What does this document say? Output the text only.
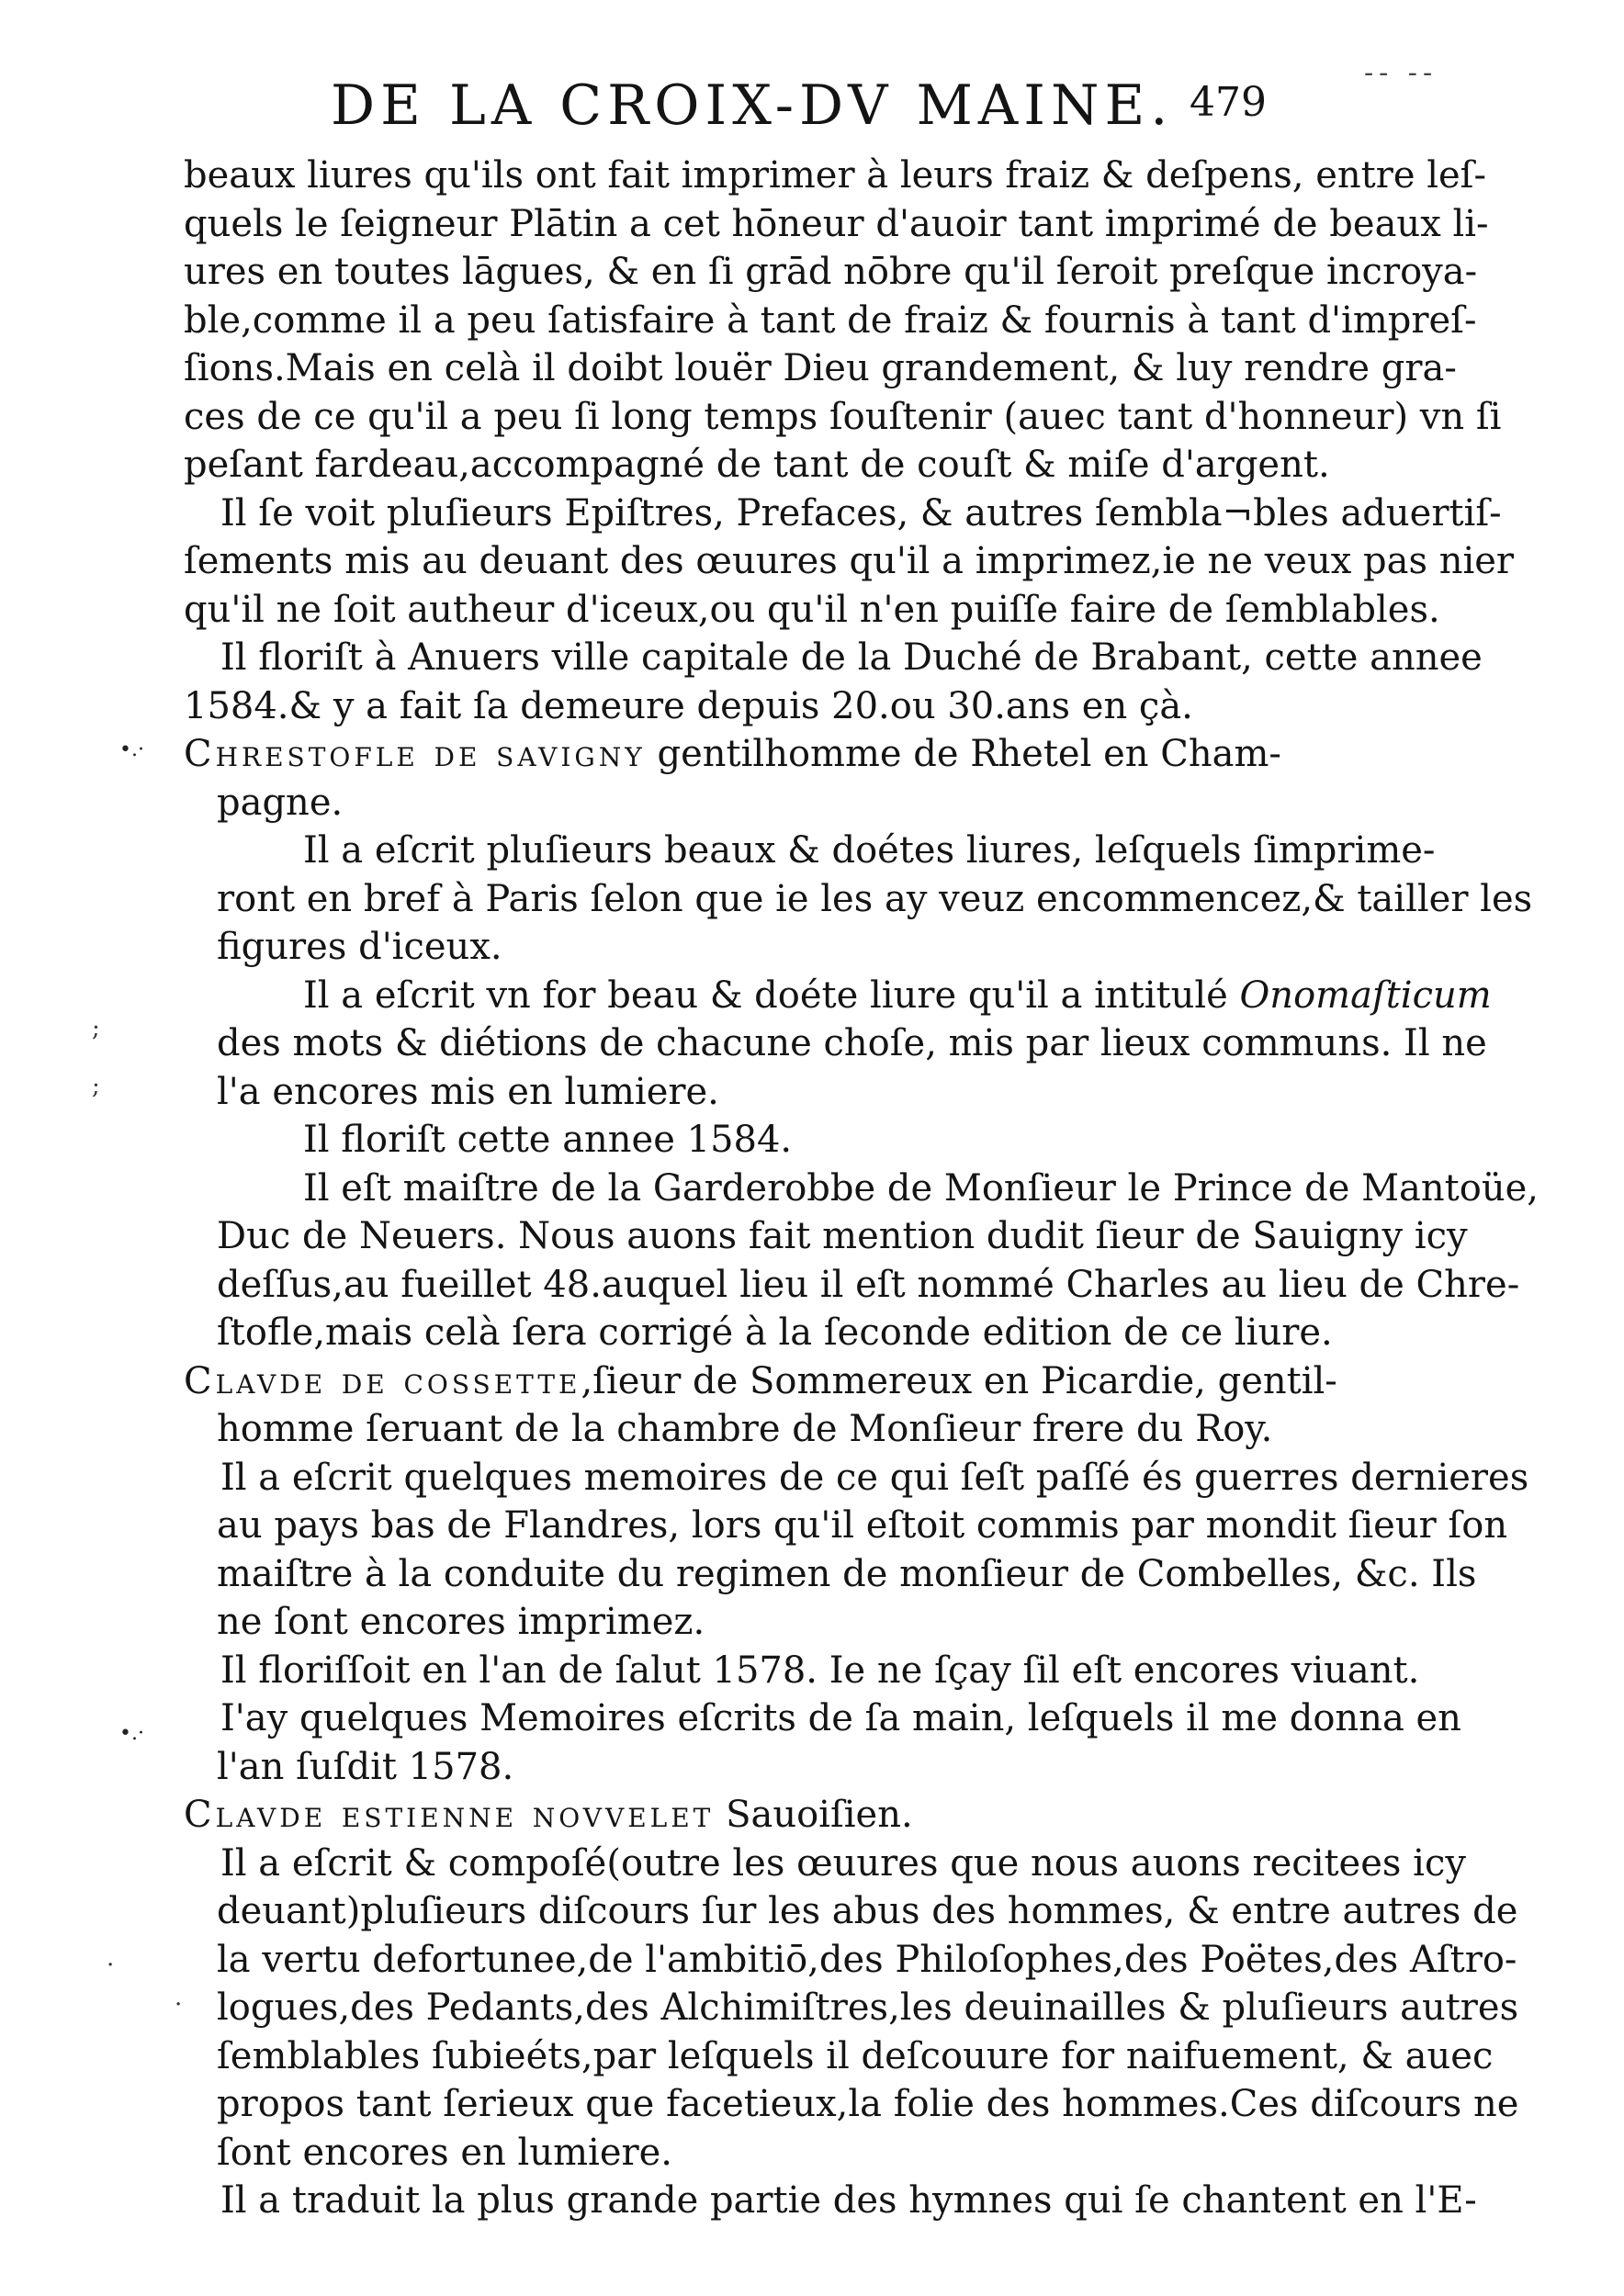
-- --
DE LA CROIX-DV MAINE. 479
•.·
•.·
;
;
·
·
beaux liures qu'ils ont fait imprimer à leurs fraiz & deſpens, entre leſ-
quels le ſeigneur Plātin a cet hōneur d'auoir tant imprimé de beaux li-
ures en toutes lāgues, & en ſi grād nōbre qu'il ſeroit preſque incroya-
ble,comme il a peu ſatisfaire à tant de fraiz & fournis à tant d'impreſ-
ſions.Mais en celà il doibt louër Dieu grandement, & luy rendre gra-
ces de ce qu'il a peu ſi long temps ſouſtenir (auec tant d'honneur) vn ſi
peſant fardeau,accompagné de tant de couſt & miſe d'argent.
Il ſe voit pluſieurs Epiſtres, Prefaces, & autres ſembla¬bles aduertiſ-
ſements mis au deuant des œuures qu'il a imprimez,ie ne veux pas nier
qu'il ne ſoit autheur d'iceux,ou qu'il n'en puiſſe faire de ſemblables.
Il floriſt à Anuers ville capitale de la Duché de Brabant, cette annee
1584.& y a fait ſa demeure depuis 20.ou 30.ans en çà.
Chrestofle de savigny gentilhomme de Rhetel en Cham-
pagne.
Il a eſcrit pluſieurs beaux & doétes liures, leſquels ſimprime-
ront en bref à Paris ſelon que ie les ay veuz encommencez,& tailler les
figures d'iceux.
Il a eſcrit vn for beau & doéte liure qu'il a intitulé Onomaſticum
des mots & diétions de chacune choſe, mis par lieux communs. Il ne
l'a encores mis en lumiere.
Il floriſt cette annee 1584.
Il eſt maiſtre de la Garderobbe de Monſieur le Prince de Mantoüe,
Duc de Neuers. Nous auons fait mention dudit ſieur de Sauigny icy
deſſus,au fueillet 48.auquel lieu il eſt nommé Charles au lieu de Chre-
ſtofle,mais celà ſera corrigé à la ſeconde edition de ce liure.
Clavde de cossette,ſieur de Sommereux en Picardie, gentil-
homme ſeruant de la chambre de Monſieur frere du Roy.
Il a eſcrit quelques memoires de ce qui ſeſt paſſé és guerres dernieres
au pays bas de Flandres, lors qu'il eſtoit commis par mondit ſieur ſon
maiſtre à la conduite du regimen de monſieur de Combelles, &c. Ils
ne ſont encores imprimez.
Il floriſſoit en l'an de ſalut 1578. Ie ne ſçay ſil eſt encores viuant.
I'ay quelques Memoires eſcrits de ſa main, leſquels il me donna en
l'an ſuſdit 1578.
Clavde estienne novvelet Sauoiſien.
Il a eſcrit & compoſé(outre les œuures que nous auons recitees icy
deuant)pluſieurs diſcours ſur les abus des hommes, & entre autres de
la vertu defortunee,de l'ambitiō,des Philoſophes,des Poëtes,des Aſtro-
logues,des Pedants,des Alchimiſtres,les deuinailles & pluſieurs autres
ſemblables ſubieéts,par leſquels il deſcouure for naifuement, & auec
propos tant ſerieux que facetieux,la folie des hommes.Ces diſcours ne
ſont encores en lumiere.
Il a traduit la plus grande partie des hymnes qui ſe chantent en l'E-
